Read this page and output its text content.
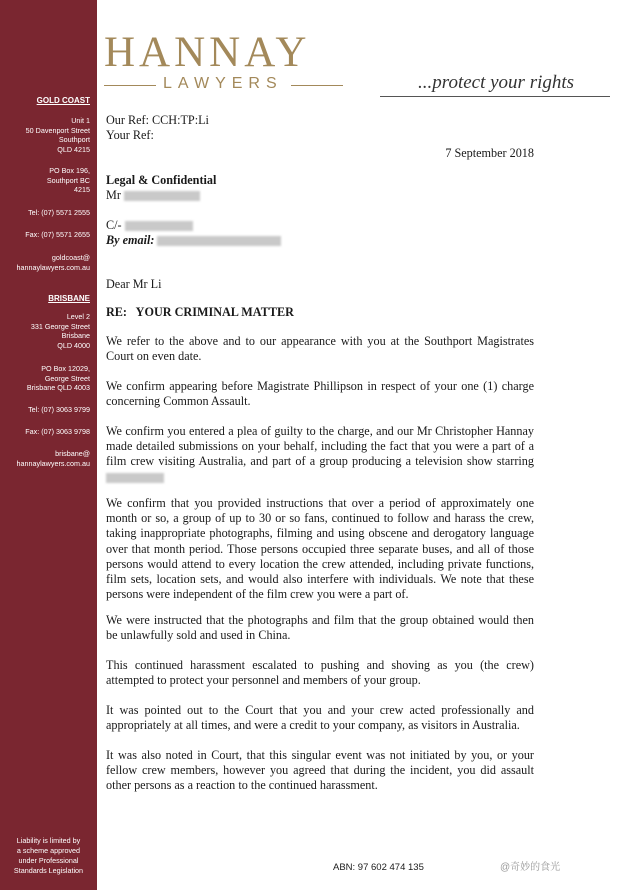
GOLD COAST
Unit 1
50 Davenport Street
Southport
QLD 4215
PO Box 196,
Southport BC
4215
Tel: (07) 5571 2555
Fax: (07) 5571 2655
goldcoast@
hannaylawyers.com.au
BRISBANE
Level 2
331 George Street
Brisbane
QLD 4000
PO Box 12029,
George Street
Brisbane QLD 4003
Tel: (07) 3063 9799
Fax: (07) 3063 9798
brisbane@
hannaylawyers.com.au
Liability is limited by
a scheme approved
under Professional
Standards Legislation
HANNAY
LAWYERS	...protect your rights
Our Ref: CCH:TP:Li
Your Ref:
7 September 2018
Legal & Confidential
Mr
C/-
By email:
Dear Mr Li
RE:   YOUR CRIMINAL MATTER
We refer to the above and to our appearance with you at the Southport Magistrates Court on even date.
We confirm appearing before Magistrate Phillipson in respect of your one (1) charge concerning Common Assault.
We confirm you entered a plea of guilty to the charge, and our Mr Christopher Hannay made detailed submissions on your behalf, including the fact that you were a part of a film crew visiting Australia, and part of a group producing a television show starring
We confirm that you provided instructions that over a period of approximately one month or so, a group of up to 30 or so fans, continued to follow and harass the crew, taking inappropriate photographs, filming and using obscene and derogatory language over that month period. Those persons occupied three separate buses, and all of those persons would attend to every location the crew attended, including private functions, film sets, location sets, and would also interfere with individuals. We note that these persons were independent of the film crew you were a part of.
We were instructed that the photographs and film that the group obtained would then be unlawfully sold and used in China.
This continued harassment escalated to pushing and shoving as you (the crew) attempted to protect your personnel and members of your group.
It was pointed out to the Court that you and your crew acted professionally and appropriately at all times, and were a credit to your company, as visitors in Australia.
It was also noted in Court, that this singular event was not initiated by you, or your fellow crew members, however you agreed that during the incident, you did assault other persons as a reaction to the continued harassment.
ABN: 97 602 474 135	@奇妙的食光
